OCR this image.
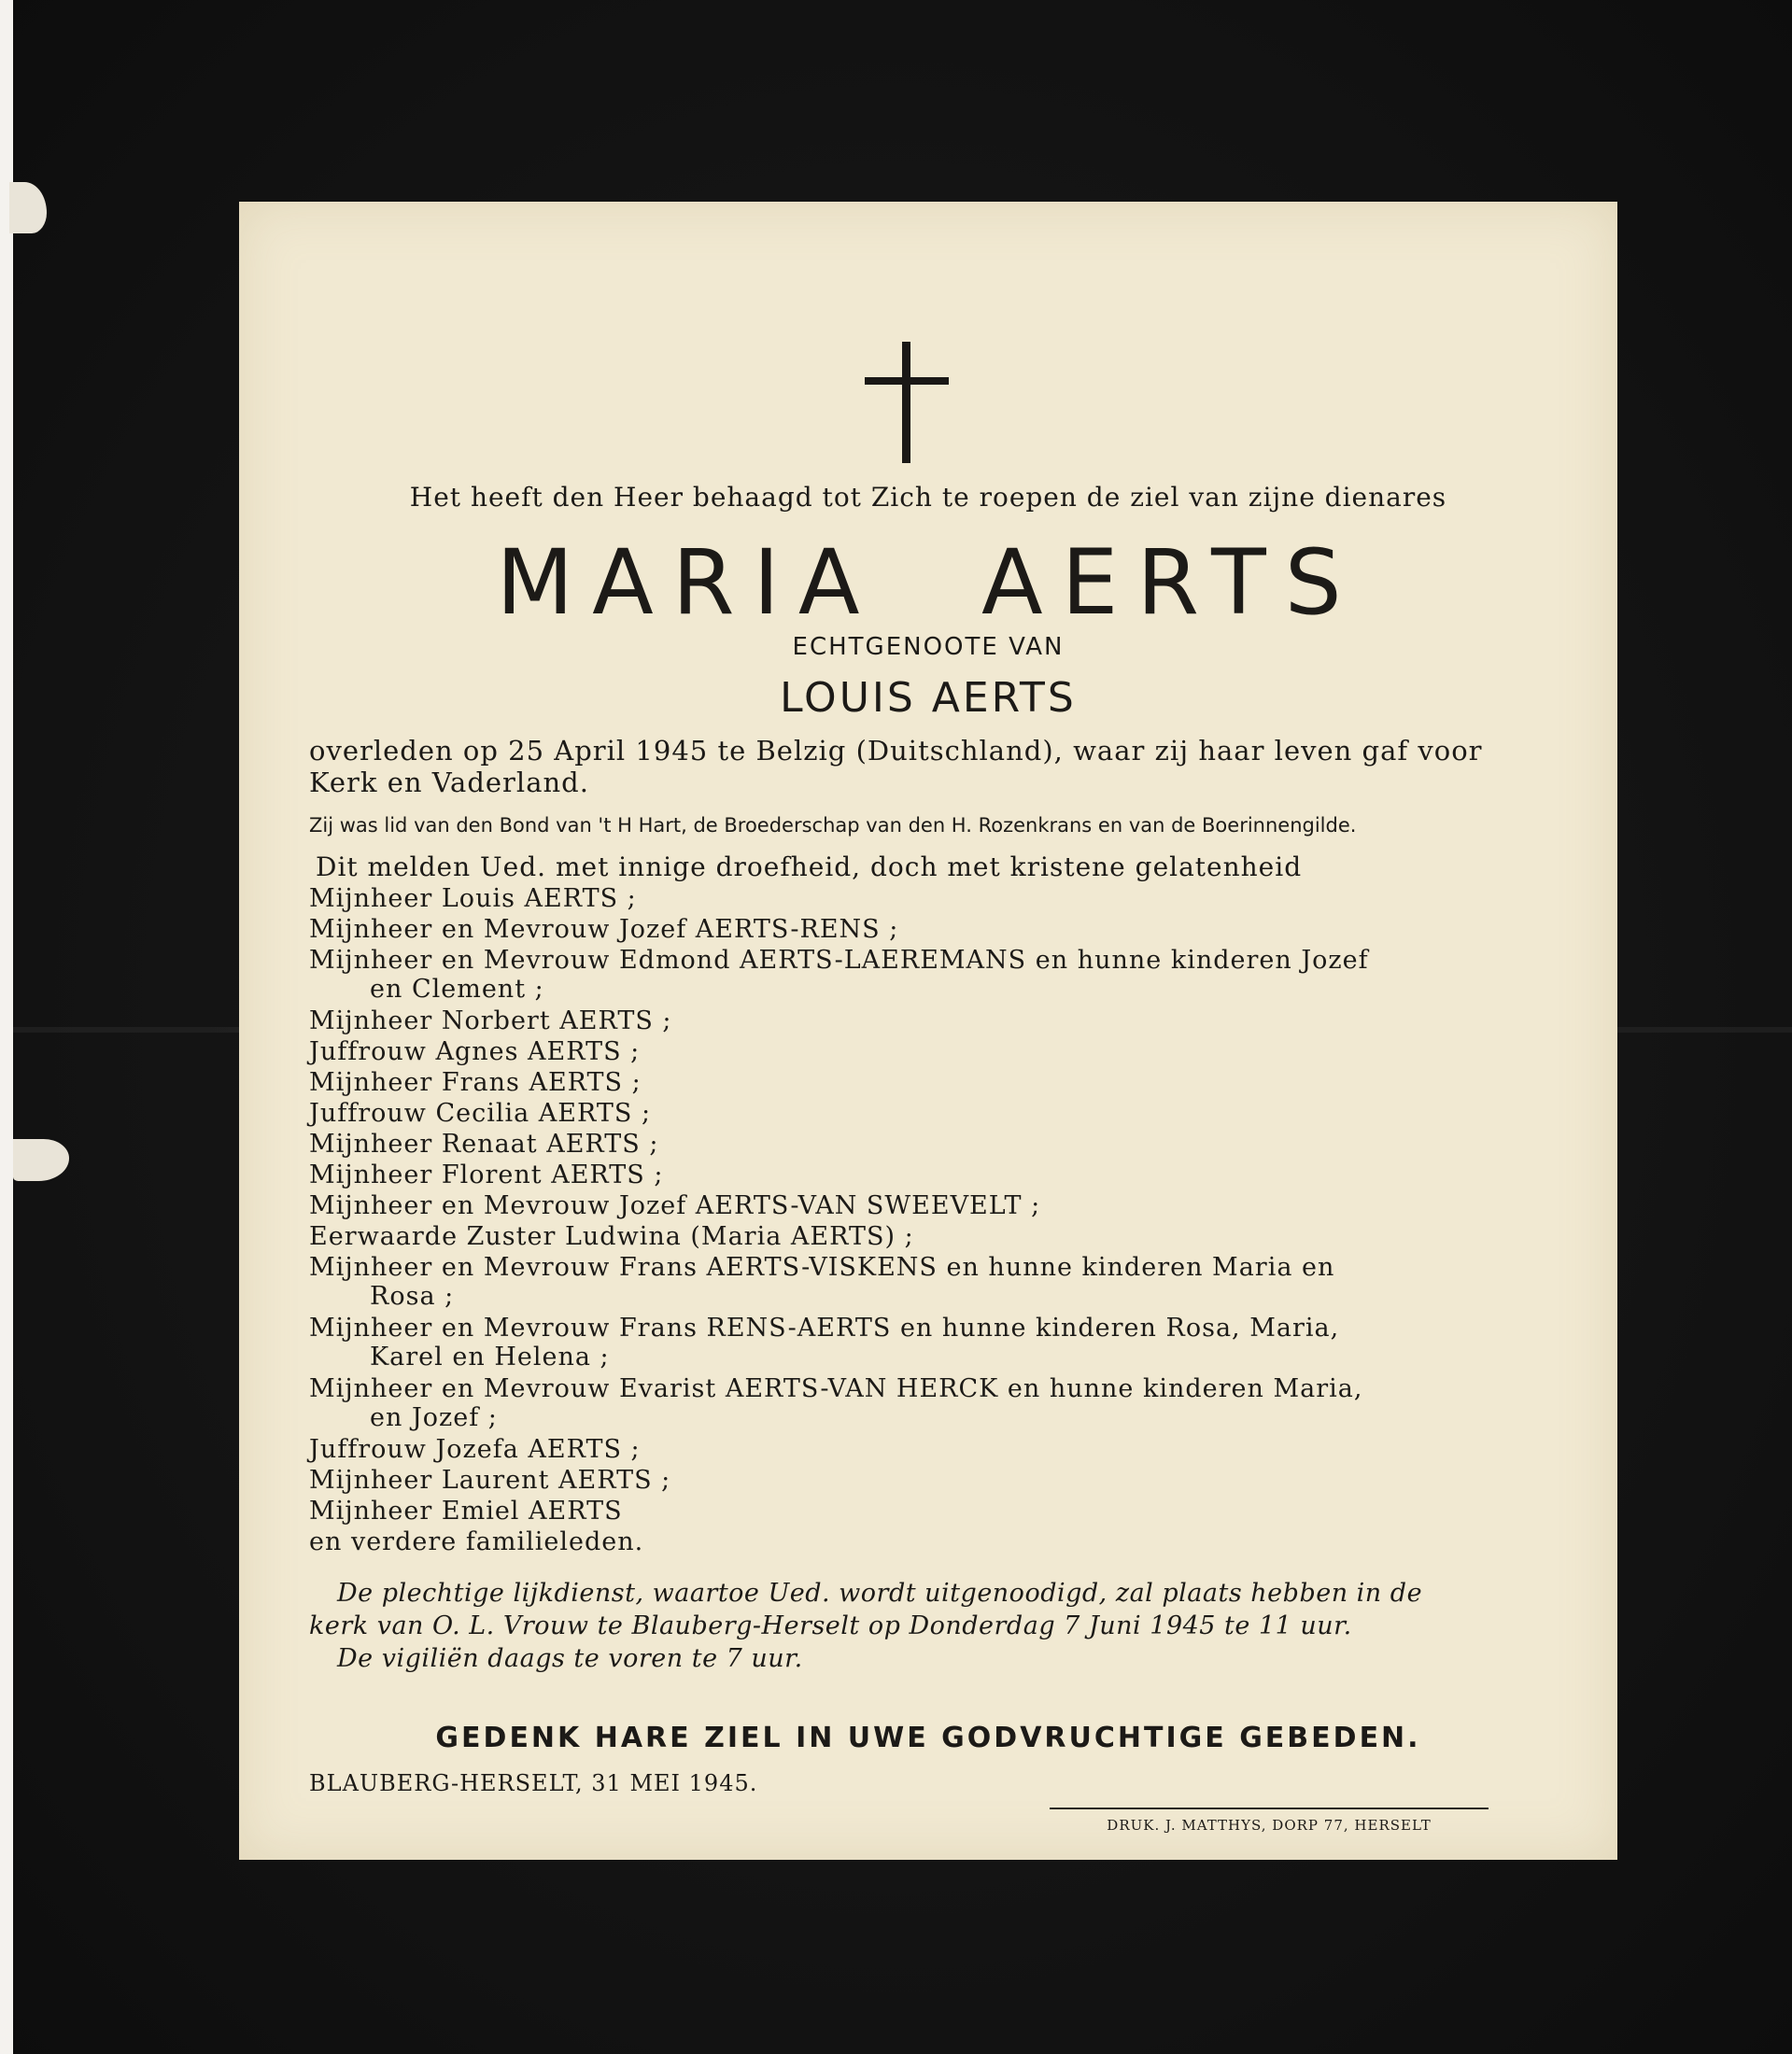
Het heeft den Heer behaagd tot Zich te roepen de ziel van zijne dienares
MARIA AERTS
ECHTGENOOTE VAN
LOUIS AERTS
overleden op 25 April 1945 te Belzig (Duitschland), waar zij haar leven gaf voor
Kerk en Vaderland.
Zij was lid van den Bond van 't H Hart, de Broederschap van den H. Rozenkrans en van de Boerinnengilde.
Dit melden Ued. met innige droefheid, doch met kristene gelatenheid
Mijnheer Louis AERTS ;
Mijnheer en Mevrouw Jozef AERTS-RENS ;
Mijnheer en Mevrouw Edmond AERTS-LAEREMANS en hunne kinderen Jozef
en Clement ;
Mijnheer Norbert AERTS ;
Juffrouw Agnes AERTS ;
Mijnheer Frans AERTS ;
Juffrouw Cecilia AERTS ;
Mijnheer Renaat AERTS ;
Mijnheer Florent AERTS ;
Mijnheer en Mevrouw Jozef AERTS-VAN SWEEVELT ;
Eerwaarde Zuster Ludwina (Maria AERTS) ;
Mijnheer en Mevrouw Frans AERTS-VISKENS en hunne kinderen Maria en
Rosa ;
Mijnheer en Mevrouw Frans RENS-AERTS en hunne kinderen Rosa, Maria,
Karel en Helena ;
Mijnheer en Mevrouw Evarist AERTS-VAN HERCK en hunne kinderen Maria,
en Jozef ;
Juffrouw Jozefa AERTS ;
Mijnheer Laurent AERTS ;
Mijnheer Emiel AERTS
en verdere familieleden.
De plechtige lijkdienst, waartoe Ued. wordt uitgenoodigd, zal plaats hebben in de
kerk van O. L. Vrouw te Blauberg-Herselt op Donderdag 7 Juni 1945 te 11 uur.
De vigiliën daags te voren te 7 uur.
GEDENK HARE ZIEL IN UWE GODVRUCHTIGE GEBEDEN.
BLAUBERG-HERSELT, 31 MEI 1945.
DRUK. J. MATTHYS, DORP 77, HERSELT
